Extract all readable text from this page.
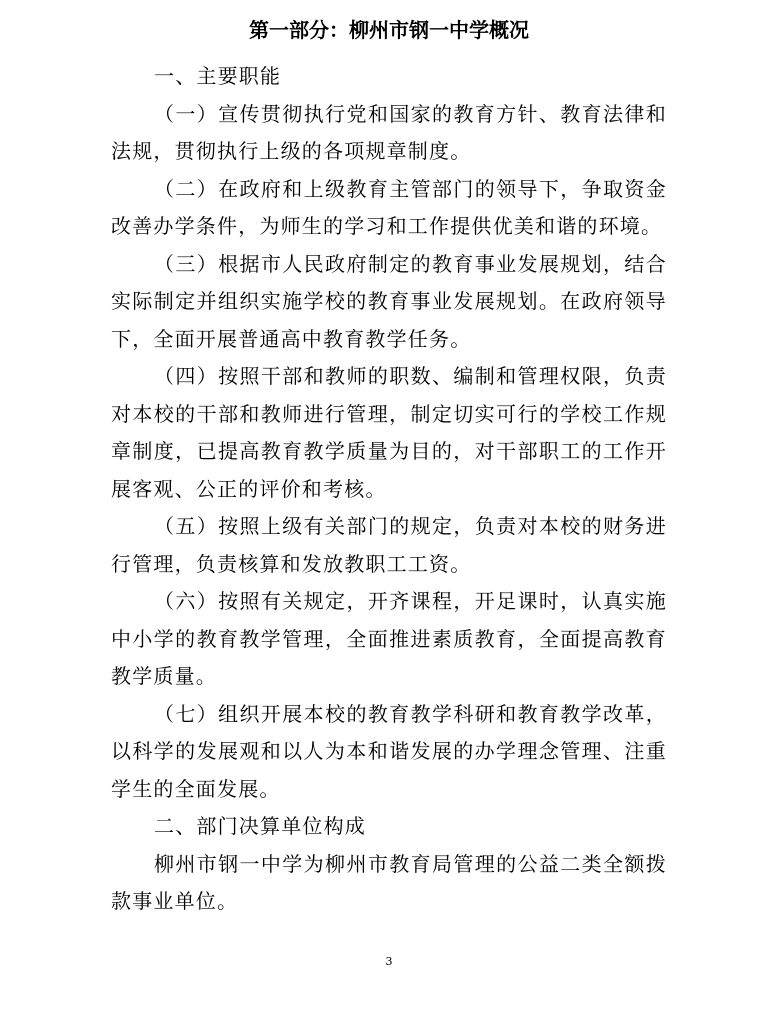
第一部分：柳州市钢一中学概况

一、主要职能

（一）宣传贯彻执行党和国家的教育方针、教育法律和法规，贯彻执行上级的各项规章制度。

（二）在政府和上级教育主管部门的领导下，争取资金改善办学条件，为师生的学习和工作提供优美和谐的环境。

（三）根据市人民政府制定的教育事业发展规划，结合实际制定并组织实施学校的教育事业发展规划。在政府领导下，全面开展普通高中教育教学任务。

（四）按照干部和教师的职数、编制和管理权限，负责对本校的干部和教师进行管理，制定切实可行的学校工作规章制度，已提高教育教学质量为目的，对干部职工的工作开展客观、公正的评价和考核。

（五）按照上级有关部门的规定，负责对本校的财务进行管理，负责核算和发放教职工工资。

（六）按照有关规定，开齐课程，开足课时，认真实施中小学的教育教学管理，全面推进素质教育，全面提高教育教学质量。

（七）组织开展本校的教育教学科研和教育教学改革，以科学的发展观和以人为本和谐发展的办学理念管理、注重学生的全面发展。

二、部门决算单位构成

柳州市钢一中学为柳州市教育局管理的公益二类全额拨款事业单位。

3
